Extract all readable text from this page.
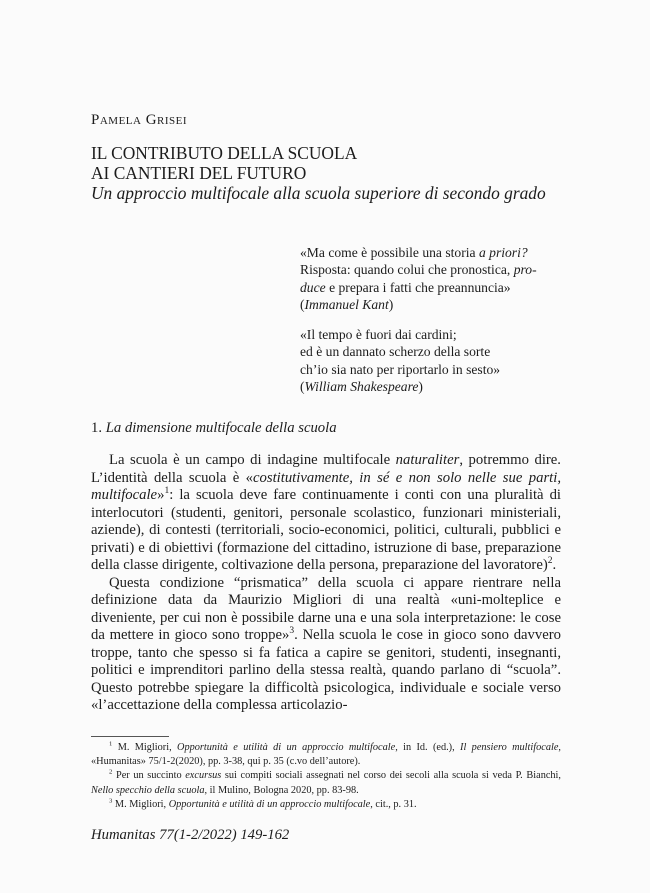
Pamela Grisei
IL CONTRIBUTO DELLA SCUOLA
AI CANTIERI DEL FUTURO
Un approccio multifocale alla scuola superiore di secondo grado
«Ma come è possibile una storia a priori?
Risposta: quando colui che pronostica, pro-
duce e prepara i fatti che preannuncia»
(Immanuel Kant)
«Il tempo è fuori dai cardini;
ed è un dannato scherzo della sorte
ch’io sia nato per riportarlo in sesto»
(William Shakespeare)
1. La dimensione multifocale della scuola

La scuola è un campo di indagine multifocale naturaliter, potremmo dire. L’identità della scuola è «costitutivamente, in sé e non solo nelle sue parti, multifocale»$^1$: la scuola deve fare continuamente i conti con una pluralità di interlocutori (studenti, genitori, personale scolastico, funzionari ministeriali, aziende), di contesti (territoriali, socio-economici, politici, culturali, pubblici e privati) e di obiettivi (formazione del cittadino, istruzione di base, preparazione della classe dirigente, coltivazione della persona, preparazione del lavoratore)$^2$.

Questa condizione “prismatica” della scuola ci appare rientrare nella definizione data da Maurizio Migliori di una realtà «uni-molteplice e diveniente, per cui non è possibile darne una e una sola interpretazione: le cose da mettere in gioco sono troppe»$^3$. Nella scuola le cose in gioco sono davvero troppe, tanto che spesso si fa fatica a capire se genitori, studenti, insegnanti, politici e imprenditori parlino della stessa realtà, quando parlano di “scuola”. Questo potrebbe spiegare la difficoltà psicologica, individuale e sociale verso «l’accettazione della complessa articolazio-

$^1$ M. Migliori, Opportunità e utilità di un approccio multifocale, in Id. (ed.), Il pensiero multifocale, «Humanitas» 75/1-2(2020), pp. 3-38, qui p. 35 (c.vo dell’autore).

$^2$ Per un succinto excursus sui compiti sociali assegnati nel corso dei secoli alla scuola si veda P. Bianchi, Nello specchio della scuola, il Mulino, Bologna 2020, pp. 83-98.

$^3$ M. Migliori, Opportunità e utilità di un approccio multifocale, cit., p. 31.

Humanitas 77(1-2/2022) 149-162
